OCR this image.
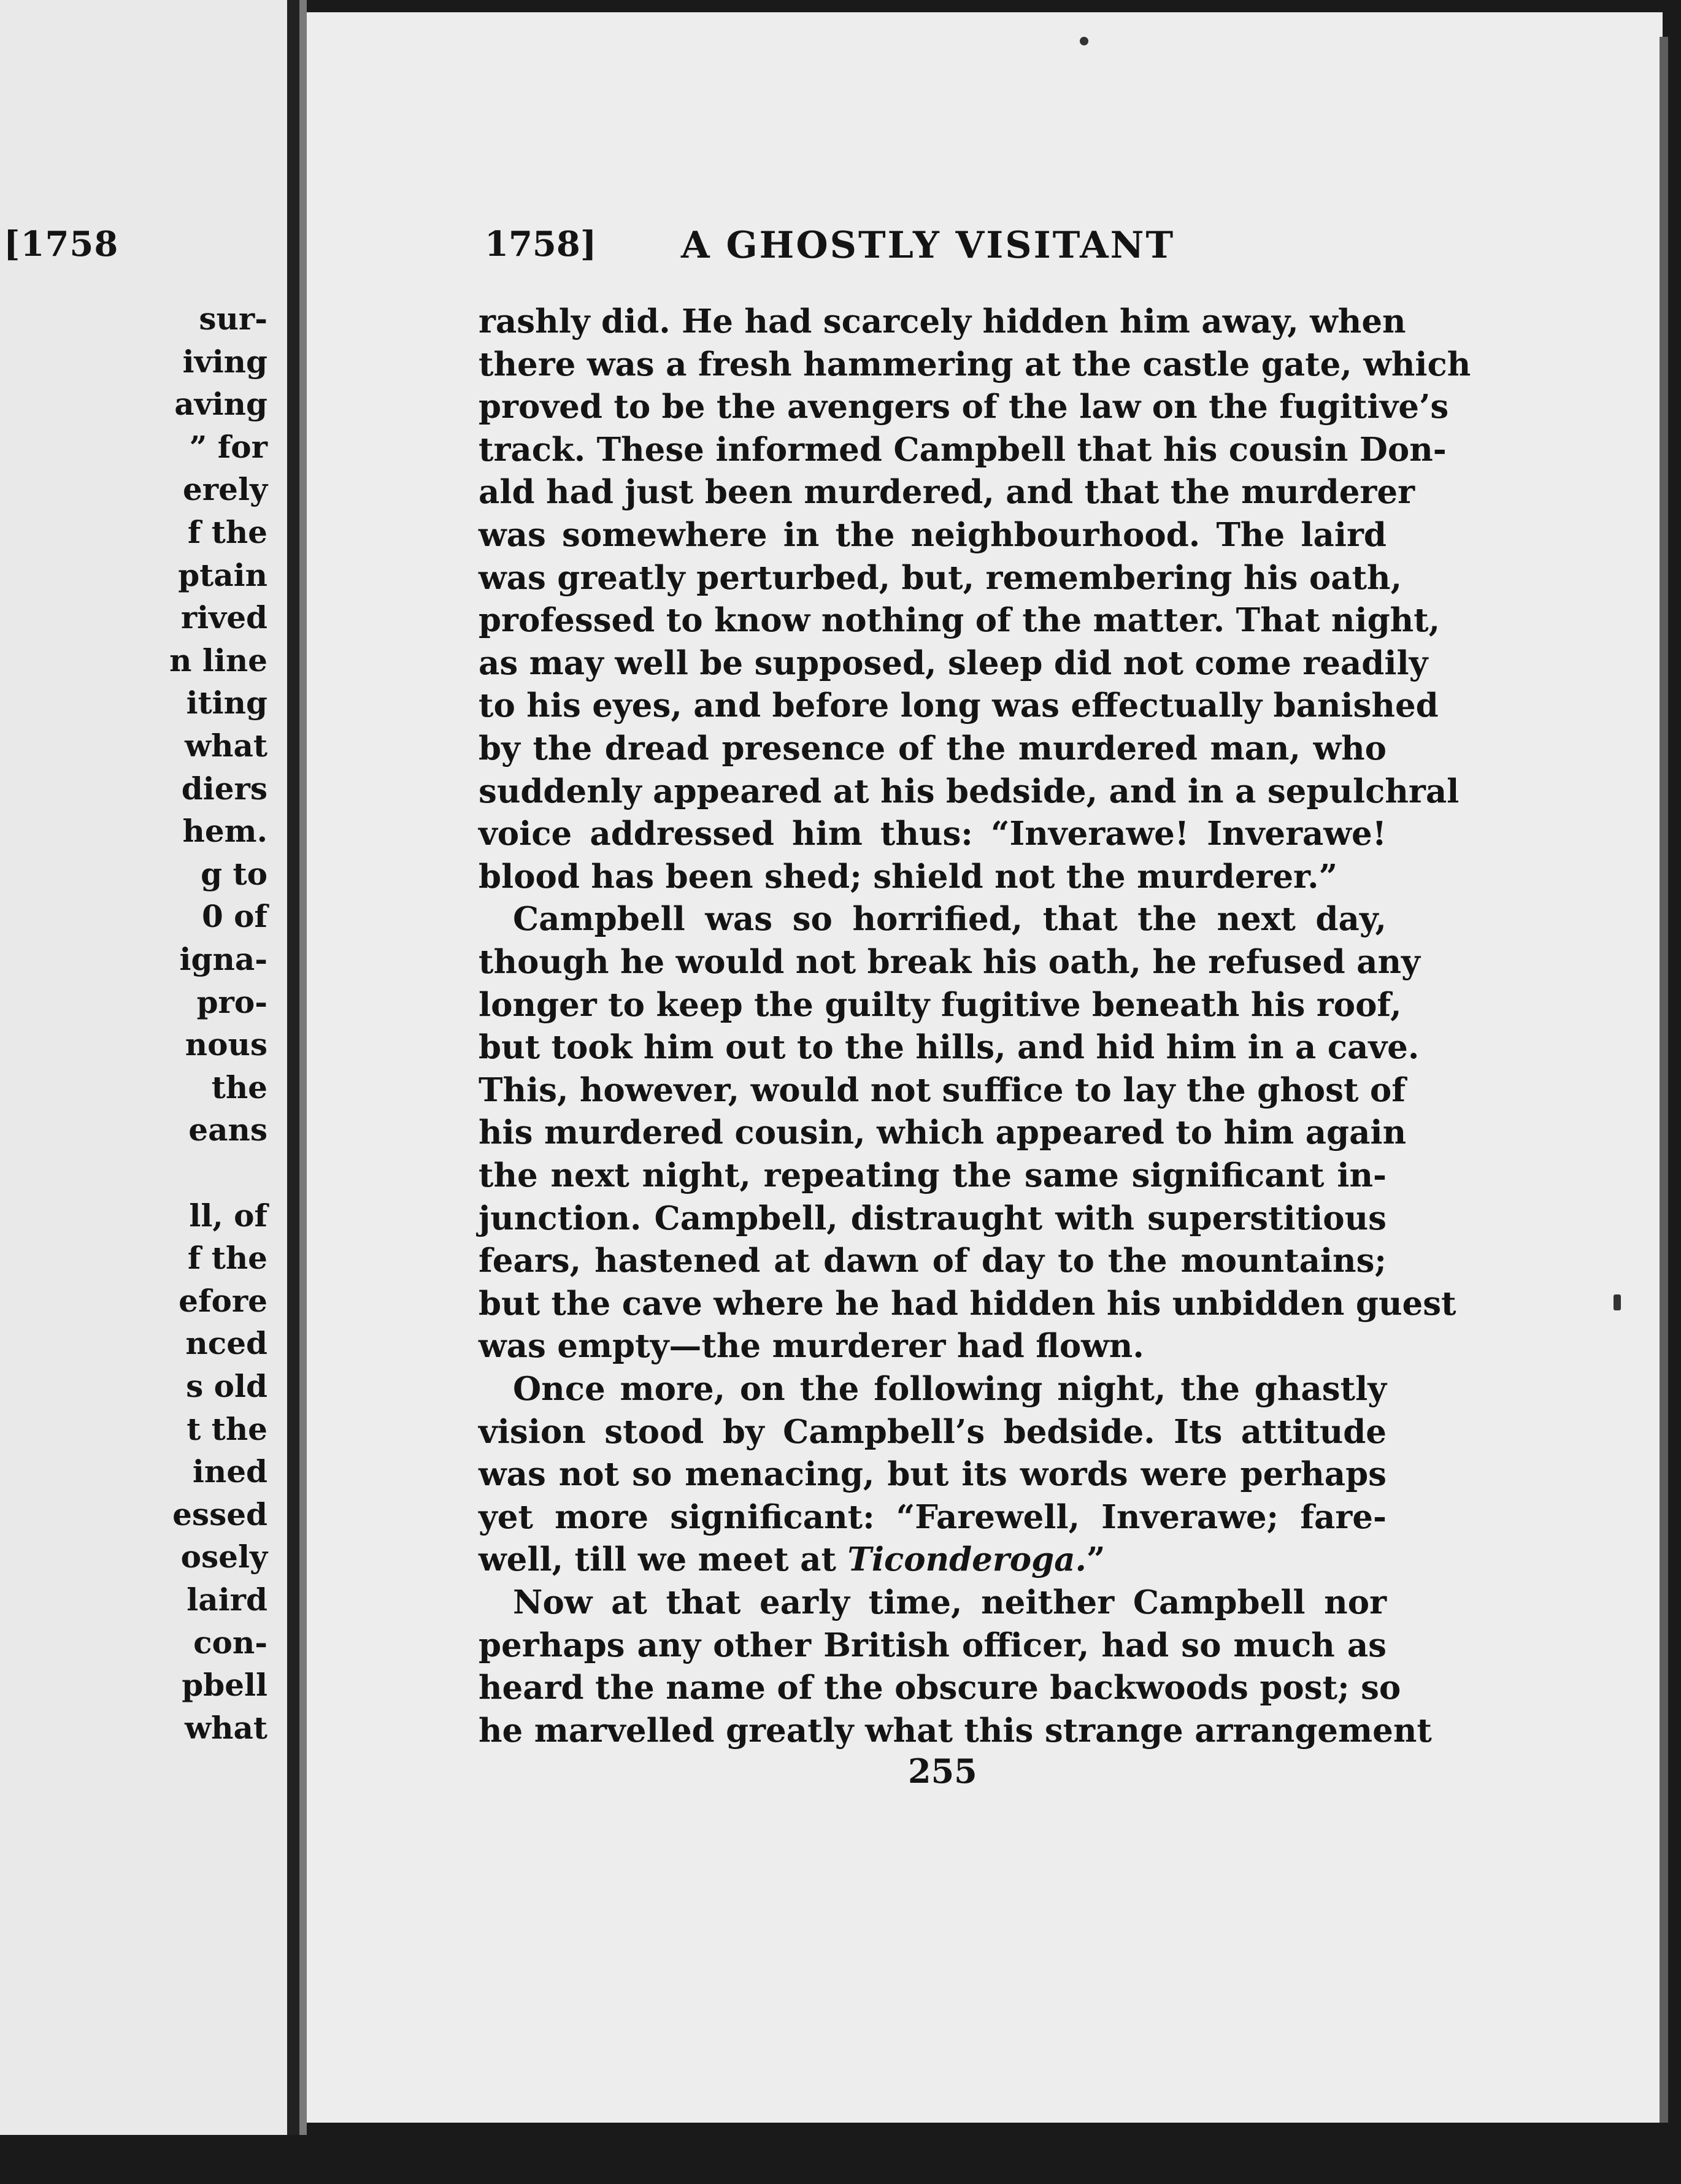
[1758
sur-
iving
aving
” for
erely
f the
ptain
rived
n line
iting
what
diers
hem.
g to
0 of
igna-
pro-
nous
the
eans
ll, of
f the
efore
nced
s old
t the
ined
essed
osely
laird
con-
pbell
what
1758] A GHOSTLY VISITANT
rashly did. He had scarcely hidden him away, when
there was a fresh hammering at the castle gate, which
proved to be the avengers of the law on the fugitive’s
track. These informed Campbell that his cousin Don-
ald had just been murdered, and that the murderer
was somewhere in the neighbourhood. The laird
was greatly perturbed, but, remembering his oath,
professed to know nothing of the matter. That night,
as may well be supposed, sleep did not come readily
to his eyes, and before long was effectually banished
by the dread presence of the murdered man, who
suddenly appeared at his bedside, and in a sepulchral
voice addressed him thus: “Inverawe! Inverawe!
blood has been shed; shield not the murderer.”
Campbell was so horrified, that the next day,
though he would not break his oath, he refused any
longer to keep the guilty fugitive beneath his roof,
but took him out to the hills, and hid him in a cave.
This, however, would not suffice to lay the ghost of
his murdered cousin, which appeared to him again
the next night, repeating the same significant in-
junction. Campbell, distraught with superstitious
fears, hastened at dawn of day to the mountains;
but the cave where he had hidden his unbidden guest
was empty—the murderer had flown.
Once more, on the following night, the ghastly
vision stood by Campbell’s bedside. Its attitude
was not so menacing, but its words were perhaps
yet more significant: “Farewell, Inverawe; fare-
well, till we meet at Ticonderoga.”
Now at that early time, neither Campbell nor
perhaps any other British officer, had so much as
heard the name of the obscure backwoods post; so
he marvelled greatly what this strange arrangement
255
